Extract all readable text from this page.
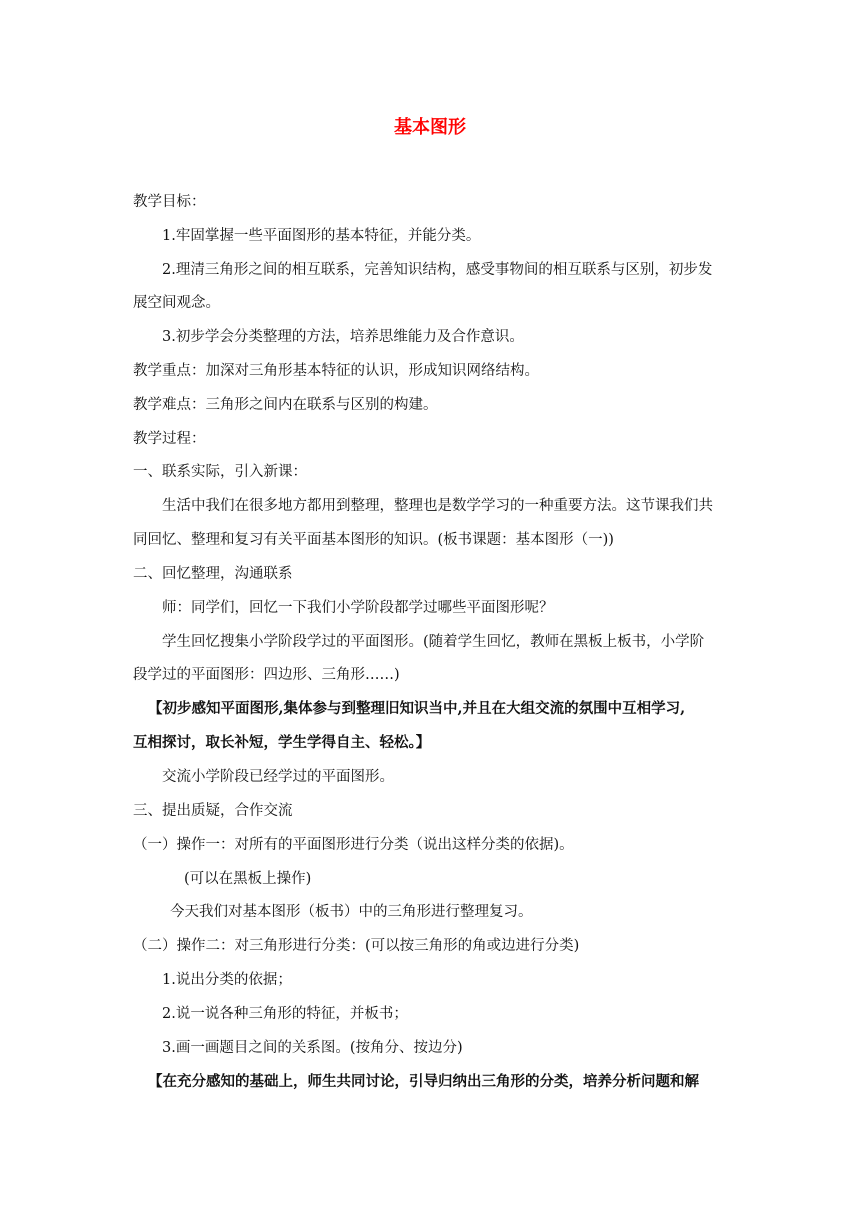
基本图形
教学目标：
1.牢固掌握一些平面图形的基本特征，并能分类。
2.理清三角形之间的相互联系，完善知识结构，感受事物间的相互联系与区别，初步发
展空间观念。
3.初步学会分类整理的方法，培养思维能力及合作意识。
教学重点：加深对三角形基本特征的认识，形成知识网络结构。
教学难点：三角形之间内在联系与区别的构建。
教学过程：
一、联系实际，引入新课：
生活中我们在很多地方都用到整理，整理也是数学学习的一种重要方法。这节课我们共
同回忆、整理和复习有关平面基本图形的知识。(板书课题：基本图形（一))
二、回忆整理，沟通联系
师：同学们，回忆一下我们小学阶段都学过哪些平面图形呢？
学生回忆搜集小学阶段学过的平面图形。(随着学生回忆，教师在黑板上板书，小学阶
段学过的平面图形：四边形、三角形……)
【初步感知平面图形,集体参与到整理旧知识当中,并且在大组交流的氛围中互相学习,
互相探讨，取长补短，学生学得自主、轻松。】
交流小学阶段已经学过的平面图形。
三、提出质疑，合作交流
（一）操作一：对所有的平面图形进行分类（说出这样分类的依据)。
(可以在黑板上操作)
今天我们对基本图形（板书）中的三角形进行整理复习。
（二）操作二：对三角形进行分类：(可以按三角形的角或边进行分类)
1.说出分类的依据；
2.说一说各种三角形的特征，并板书；
3.画一画题目之间的关系图。(按角分、按边分)
【在充分感知的基础上，师生共同讨论，引导归纳出三角形的分类，培养分析问题和解
